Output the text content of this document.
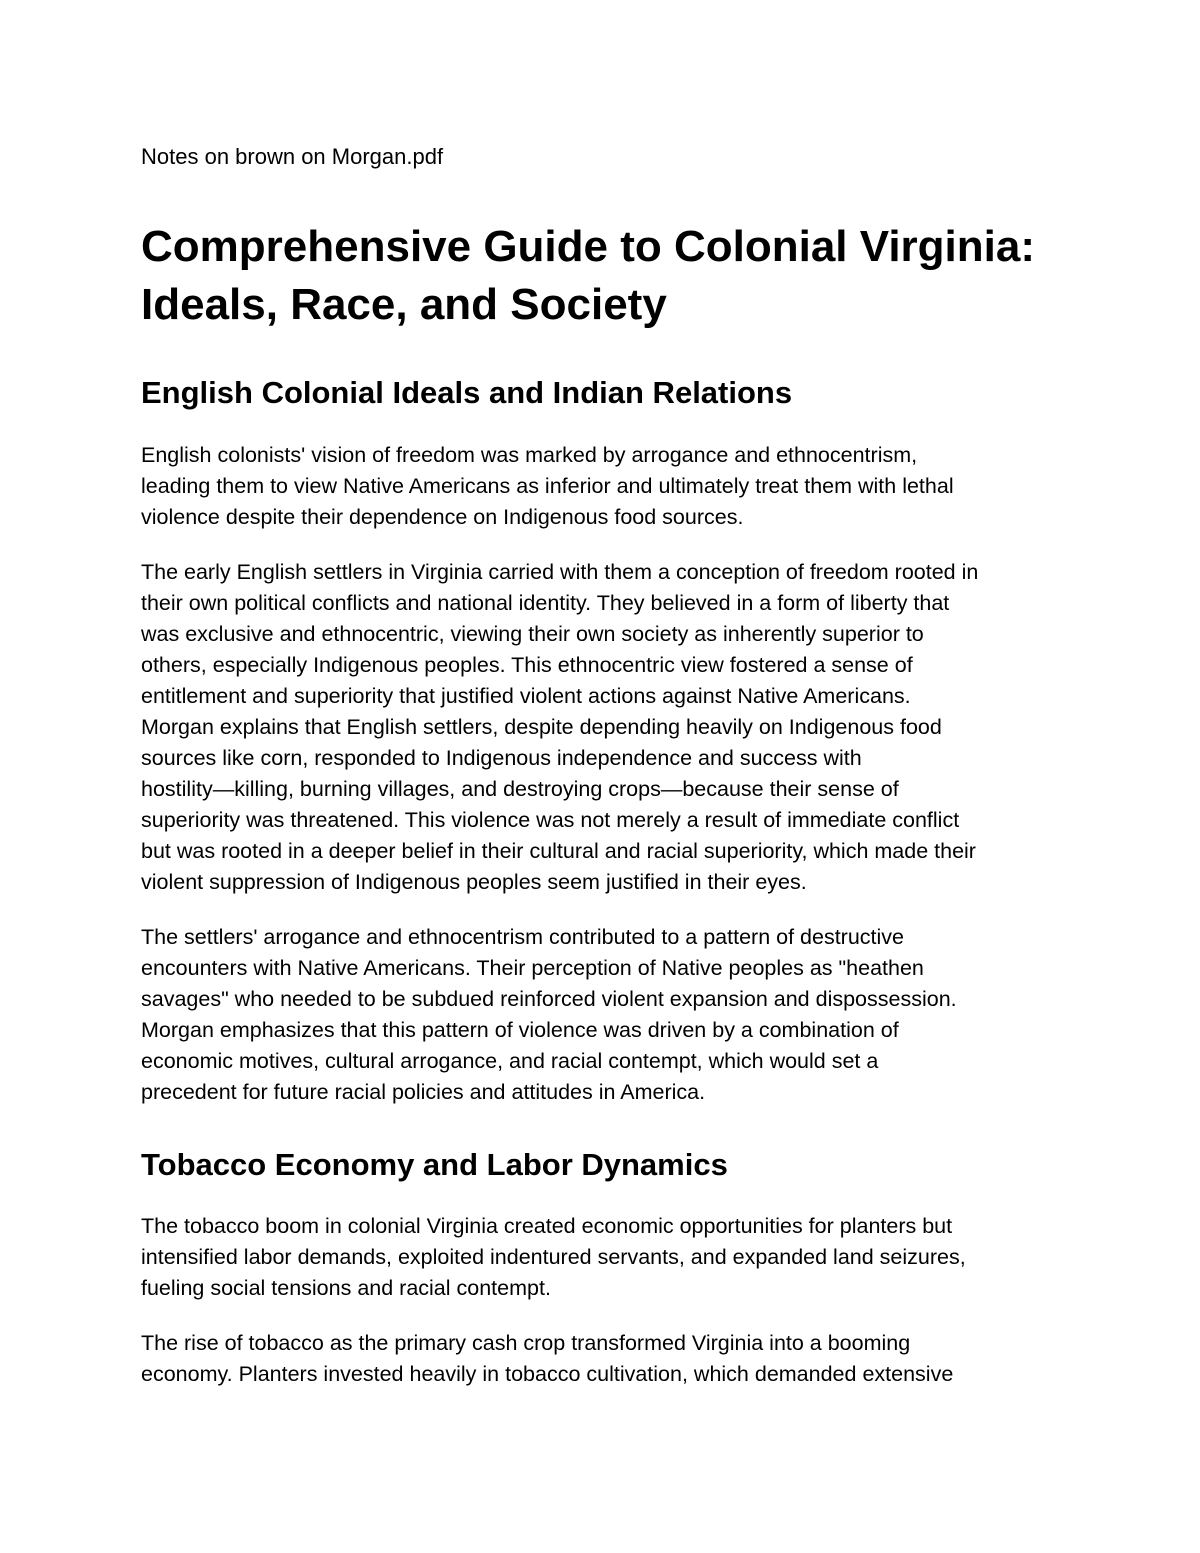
Notes on brown on Morgan.pdf
Comprehensive Guide to Colonial Virginia:
Ideals, Race, and Society
English Colonial Ideals and Indian Relations

English colonists' vision of freedom was marked by arrogance and ethnocentrism,
leading them to view Native Americans as inferior and ultimately treat them with lethal
violence despite their dependence on Indigenous food sources.

The early English settlers in Virginia carried with them a conception of freedom rooted in
their own political conflicts and national identity. They believed in a form of liberty that
was exclusive and ethnocentric, viewing their own society as inherently superior to
others, especially Indigenous peoples. This ethnocentric view fostered a sense of
entitlement and superiority that justified violent actions against Native Americans.
Morgan explains that English settlers, despite depending heavily on Indigenous food
sources like corn, responded to Indigenous independence and success with
hostility—killing, burning villages, and destroying crops—because their sense of
superiority was threatened. This violence was not merely a result of immediate conflict
but was rooted in a deeper belief in their cultural and racial superiority, which made their
violent suppression of Indigenous peoples seem justified in their eyes.

The settlers' arrogance and ethnocentrism contributed to a pattern of destructive
encounters with Native Americans. Their perception of Native peoples as "heathen
savages" who needed to be subdued reinforced violent expansion and dispossession.
Morgan emphasizes that this pattern of violence was driven by a combination of
economic motives, cultural arrogance, and racial contempt, which would set a
precedent for future racial policies and attitudes in America.

Tobacco Economy and Labor Dynamics

The tobacco boom in colonial Virginia created economic opportunities for planters but
intensified labor demands, exploited indentured servants, and expanded land seizures,
fueling social tensions and racial contempt.

The rise of tobacco as the primary cash crop transformed Virginia into a booming
economy. Planters invested heavily in tobacco cultivation, which demanded extensive
